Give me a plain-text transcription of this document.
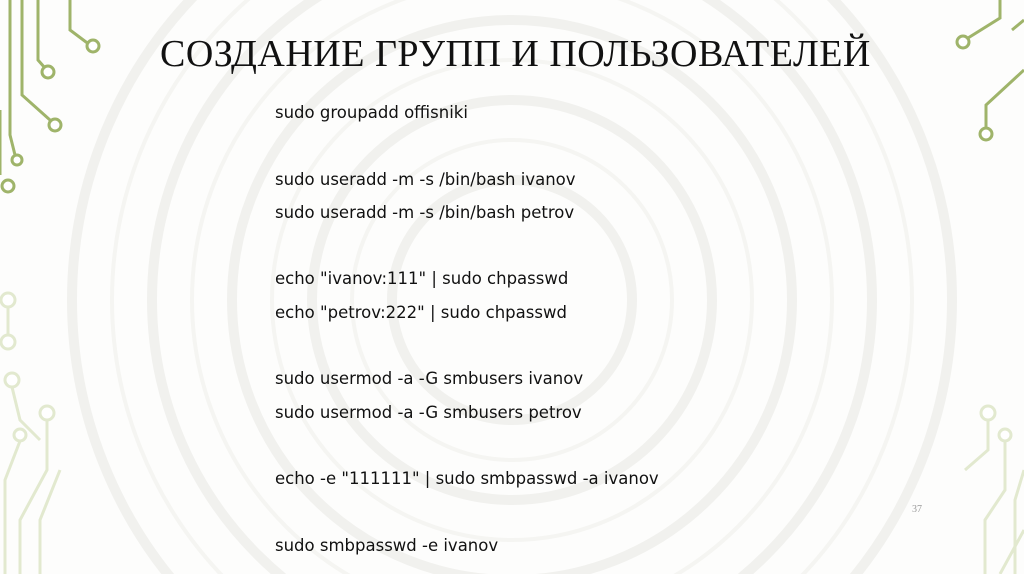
СОЗДАНИЕ ГРУПП И ПОЛЬЗОВАТЕЛЕЙ
sudo groupadd offisniki
sudo useradd -m -s /bin/bash ivanov
sudo useradd -m -s /bin/bash petrov
echo "ivanov:111" | sudo chpasswd
echo "petrov:222" | sudo chpasswd
sudo usermod -a -G smbusers ivanov
sudo usermod -a -G smbusers petrov
echo -e "111111" | sudo smbpasswd -a ivanov
sudo smbpasswd -e ivanov
37
